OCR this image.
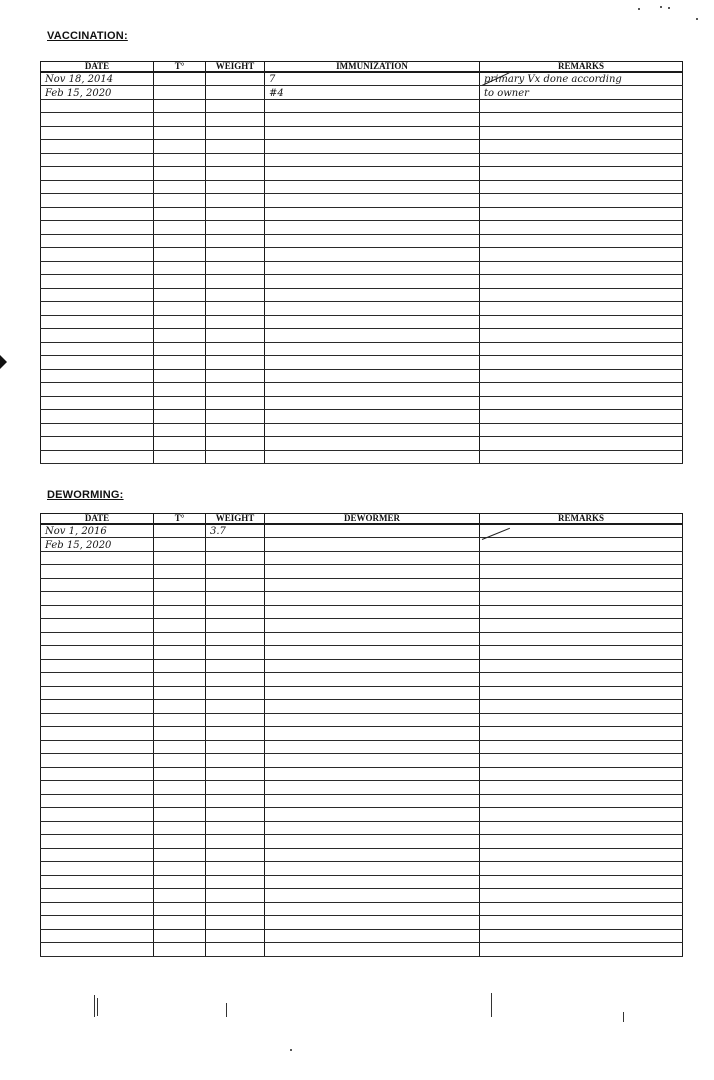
VACCINATION:
DATE	T°	WEIGHT	IMMUNIZATION	REMARKS
Nov 18, 2014			7	primary Vx done according
Feb 15, 2020			#4	to owner

DEWORMING:
DATE	T°	WEIGHT	DEWORMER	REMARKS
Nov 1, 2016		3.7		
Feb 15, 2020				
